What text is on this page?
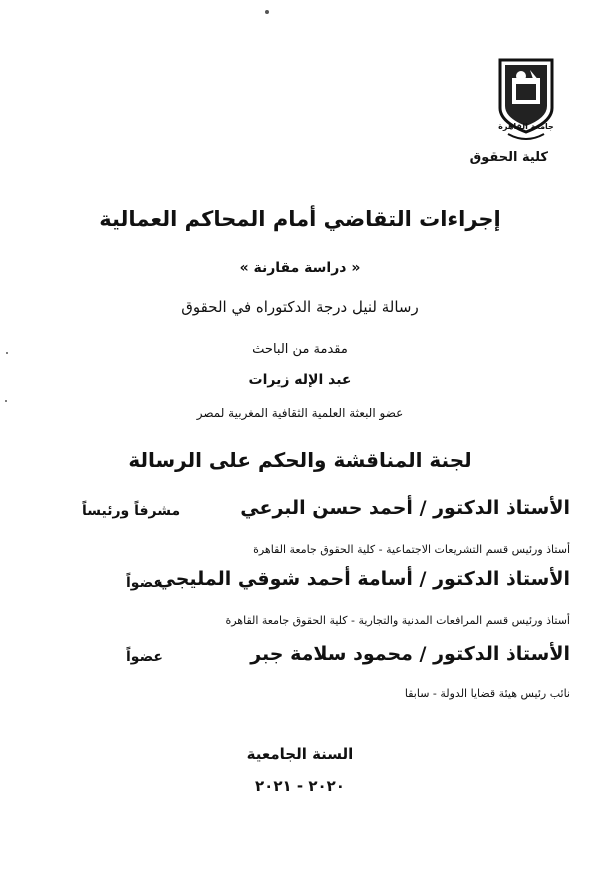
جامعة القاهرة
كلية الحقوق
إجراءات التقاضي أمام المحاكم العمالية
« دراسة مقارنة »
رسالة لنيل درجة الدكتوراه في الحقوق
مقدمة من الباحث
عبد الإله زيرات
عضو البعثة العلمية الثقافية المغربية لمصر
لجنة المناقشة والحكم على الرسالة
الأستاذ الدكتور / أحمد حسن البرعي
مشرفاً ورئيساً
أستاذ ورئيس قسم التشريعات الاجتماعية - كلية الحقوق جامعة القاهرة
الأستاذ الدكتور / أسامة أحمد شوقي المليجي
عضواً
أستاذ ورئيس قسم المرافعات المدنية والتجارية - كلية الحقوق جامعة القاهرة
الأستاذ الدكتور / محمود سلامة جبر
عضواً
نائب رئيس هيئة قضايا الدولة - سابقا
السنة الجامعية
٢٠٢٠ - ٢٠٢١
